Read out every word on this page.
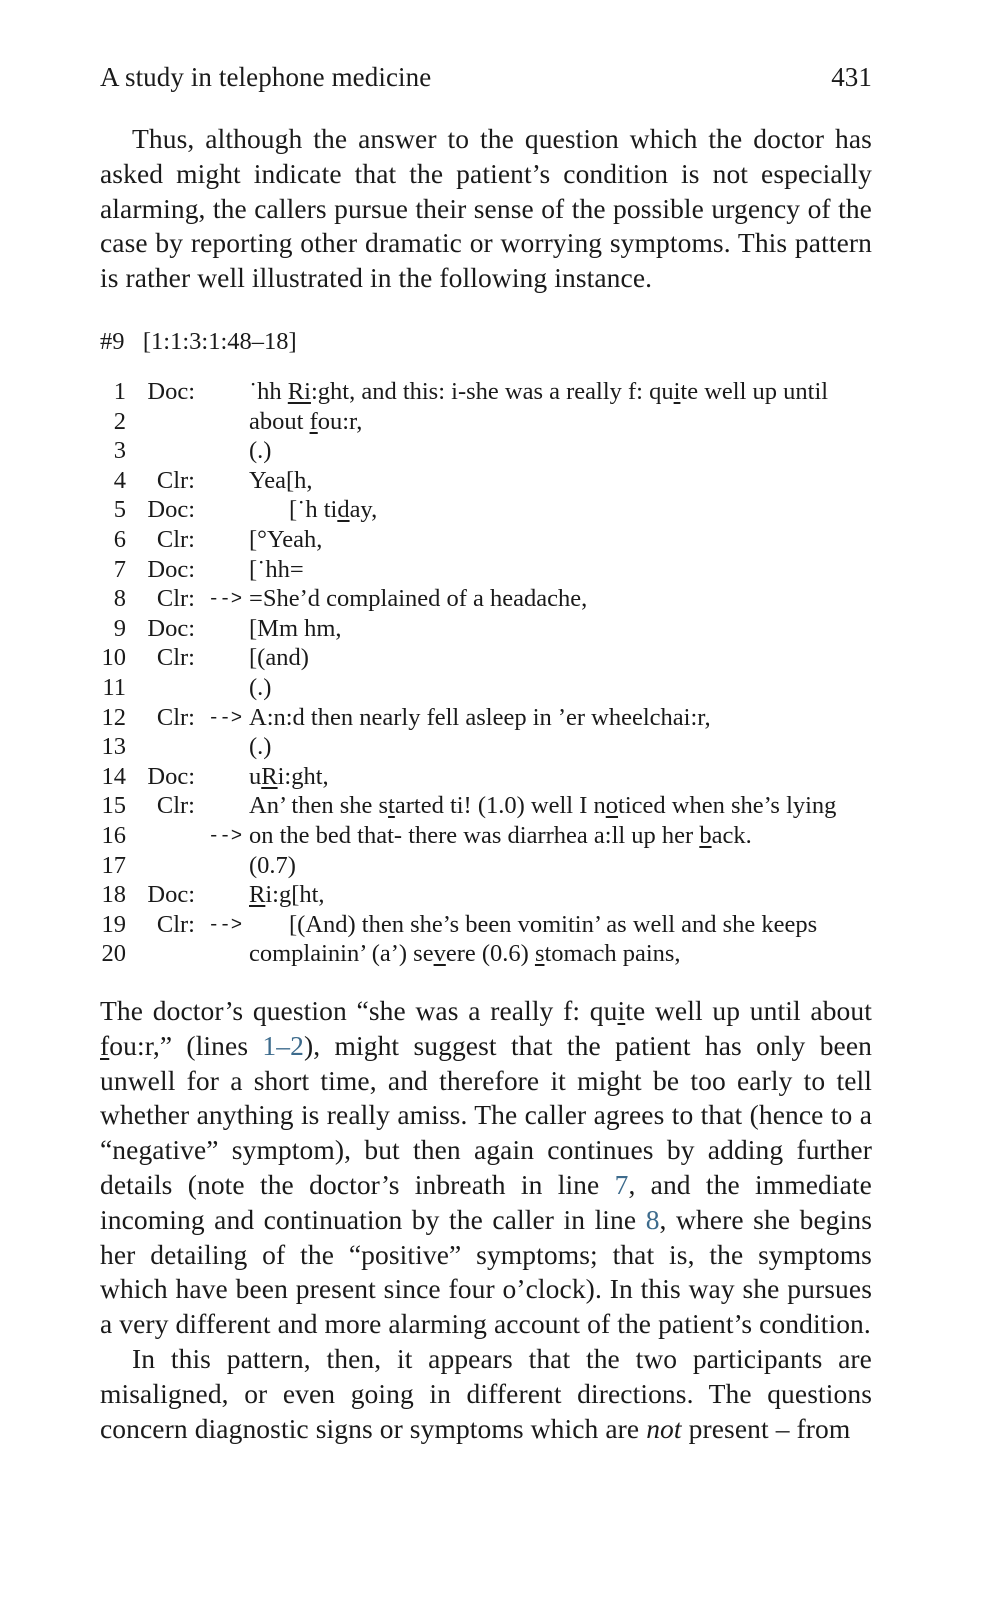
A study in telephone medicine	431

Thus, although the answer to the question which the doctor has asked might indicate that the patient’s condition is not especially alarming, the callers pursue their sense of the possible urgency of the case by reporting other dramatic or worrying symptoms. This pattern is rather well illustrated in the following instance.

#9 [1:1:3:1:48–18]
1 Doc: ˙hh Ri:ght, and this: i-she was a really f: quite well up until
2	about fou:r,
3	(.)
4	Clr: Yea[h,
5 Doc:	[˙h tiday,
6	Clr: [°Yeah,
7 Doc: [˙hh=
8	Clr: --> =She’d complained of a headache,
9 Doc: [Mm hm,
10	Clr: [(and)
11	(.)
12	Clr: --> A:n:d then nearly fell asleep in ’er wheelchai:r,
13	(.)
14 Doc: uRi:ght,
15	Clr: An’ then she started ti! (1.0) well I noticed when she’s lying
16	--> on the bed that- there was diarrhea a:ll up her back.
17	(0.7)
18 Doc: Ri:g[ht,
19	Clr: --> [(And) then she’s been vomitin’ as well and she keeps
20	complainin’ (a’) severe (0.6) stomach pains,

The doctor’s question “she was a really f: quite well up until about fou:r,” (lines 1–2), might suggest that the patient has only been unwell for a short time, and therefore it might be too early to tell whether anything is really amiss. The caller agrees to that (hence to a “negative” symptom), but then again continues by adding further details (note the doctor’s inbreath in line 7, and the immediate incoming and continuation by the caller in line 8, where she begins her detailing of the “positive” symptoms; that is, the symptoms which have been present since four o’clock). In this way she pursues a very different and more alarming account of the patient’s condition.

In this pattern, then, it appears that the two participants are misaligned, or even going in different directions. The questions concern diagnostic signs or symptoms which are not present – from
